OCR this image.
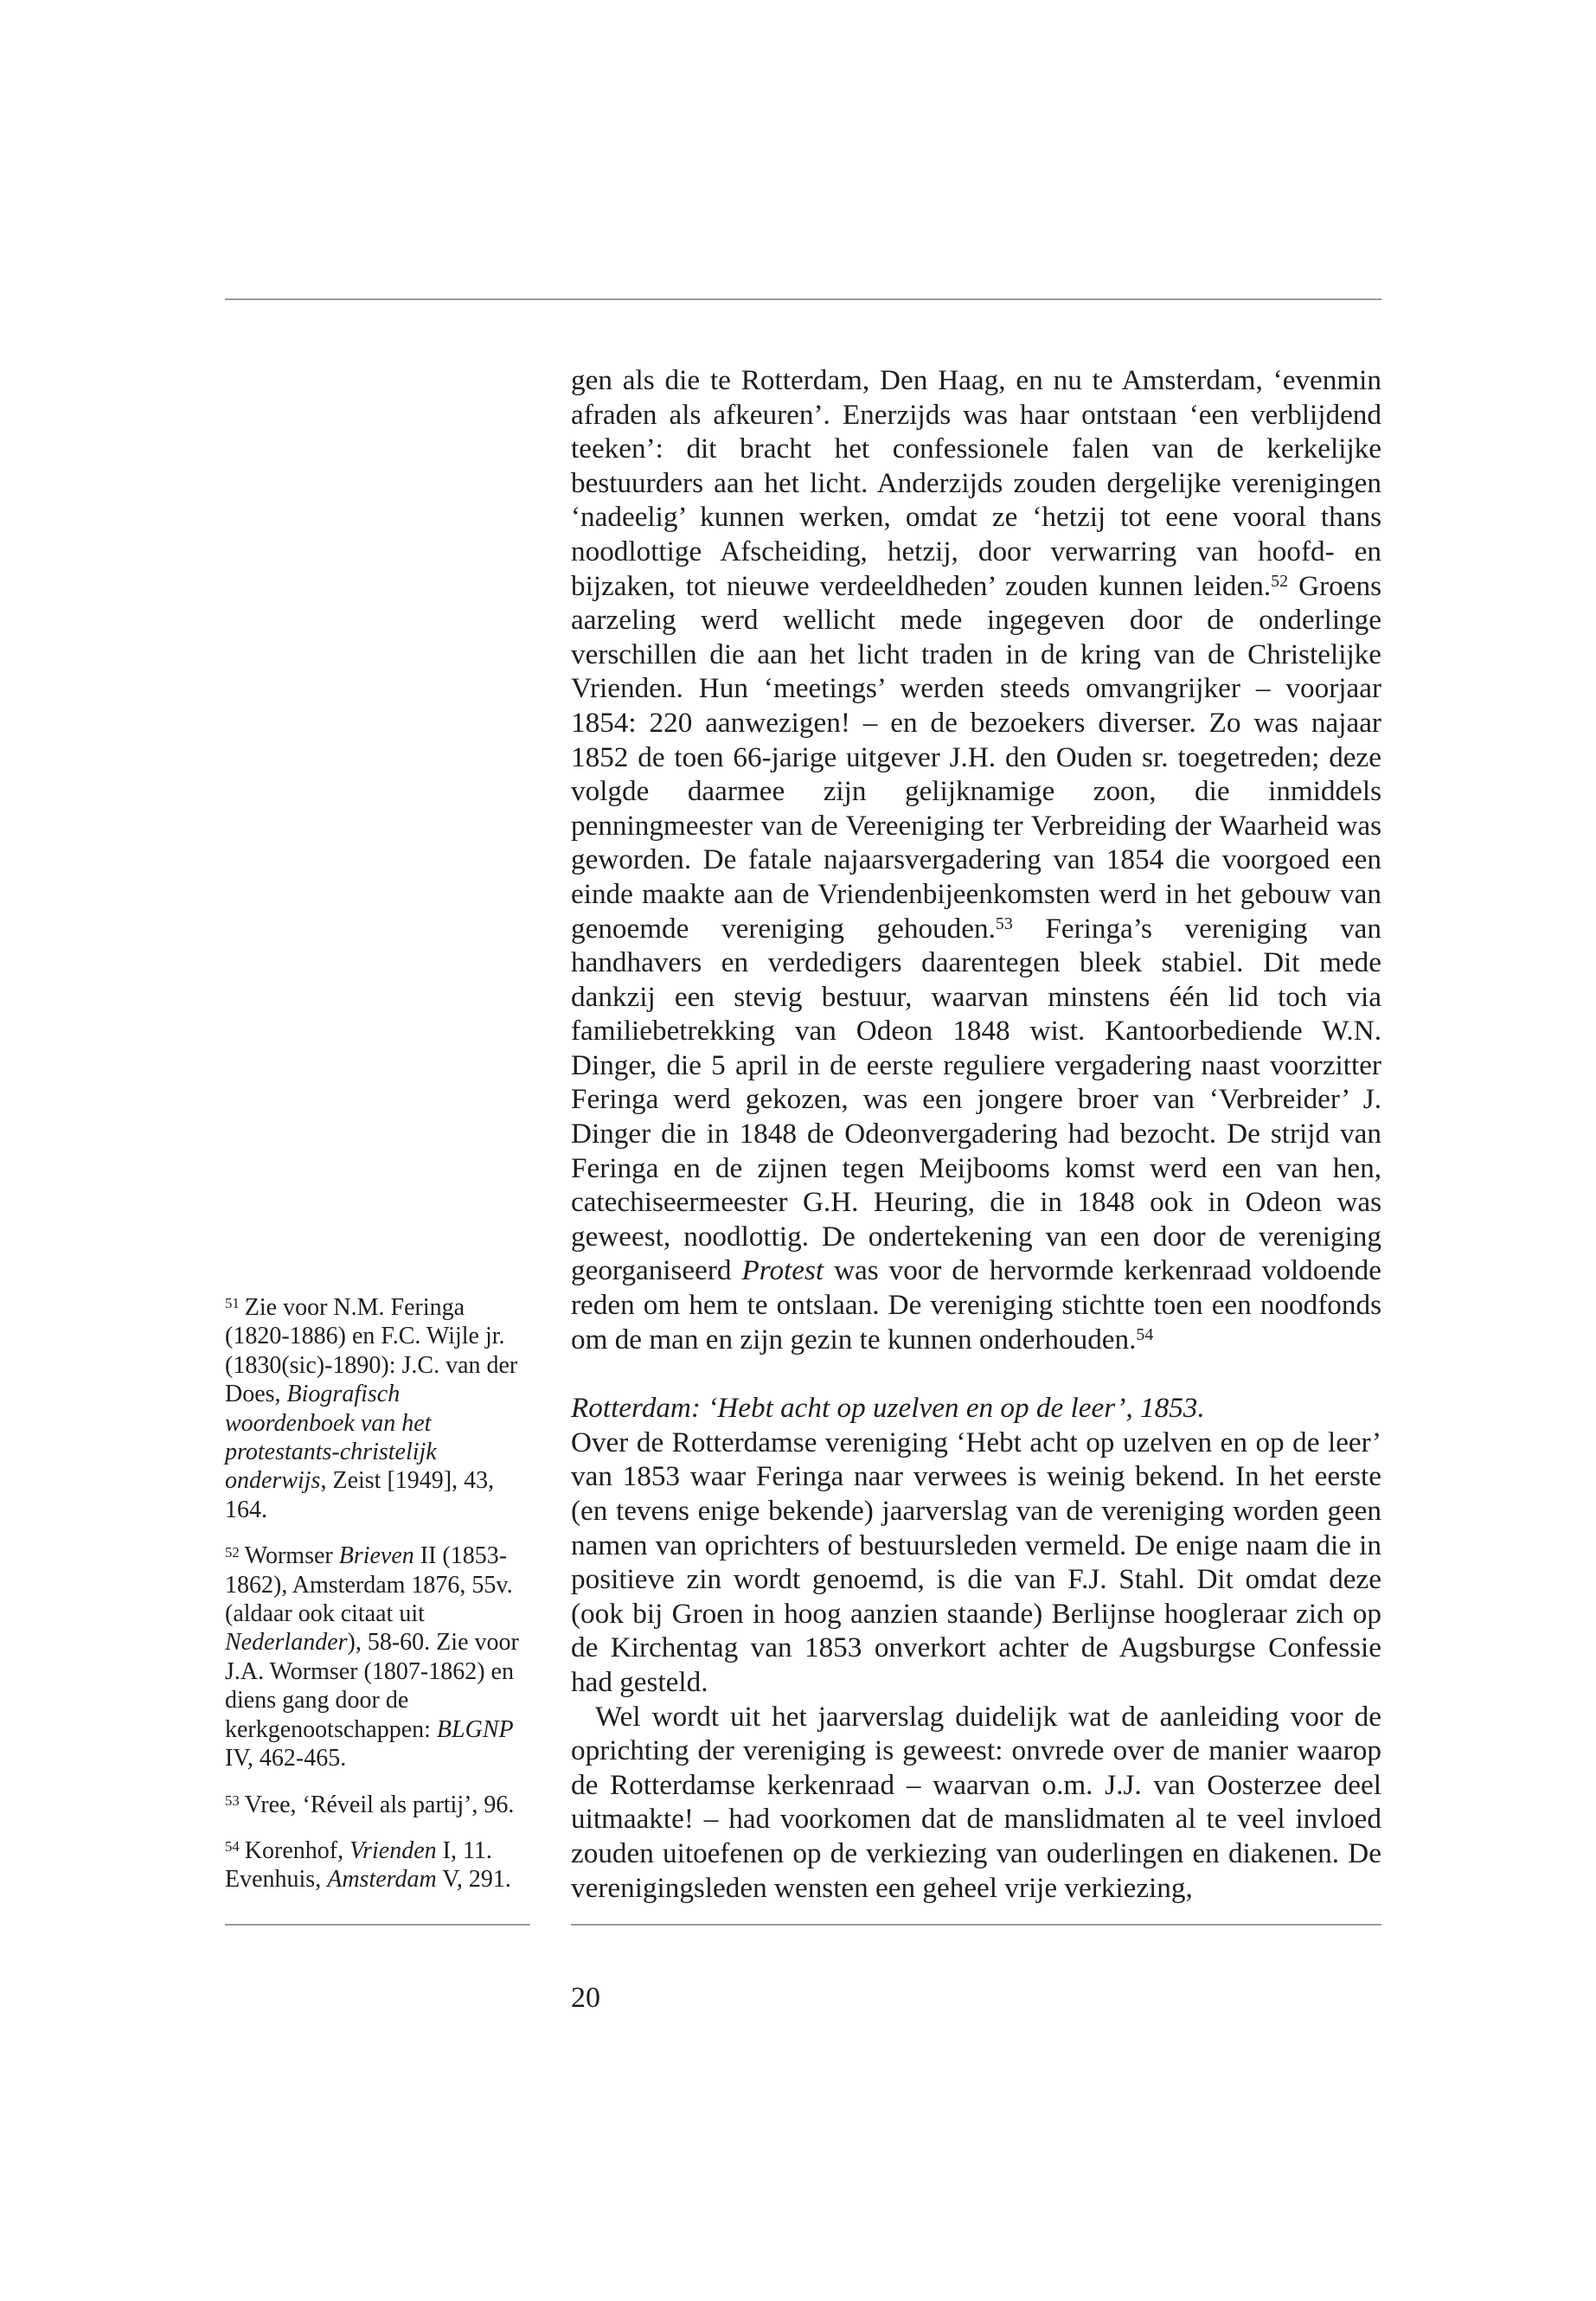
gen als die te Rotterdam, Den Haag, en nu te Amsterdam, ‘evenmin afraden als afkeuren’. Enerzijds was haar ontstaan ‘een verblijdend teeken’: dit bracht het confessionele falen van de kerkelijke bestuurders aan het licht. Anderzijds zouden dergelijke verenigingen ‘nadeelig’ kunnen werken, omdat ze ‘hetzij tot eene vooral thans noodlottige Afscheiding, hetzij, door verwarring van hoofd- en bijzaken, tot nieuwe verdeeldheden’ zouden kunnen leiden.$^{52}$ Groens aarzeling werd wellicht mede ingegeven door de onderlinge verschillen die aan het licht traden in de kring van de Christelijke Vrienden. Hun ‘meetings’ werden steeds omvangrijker – voorjaar 1854: 220 aanwezigen! – en de bezoekers diverser. Zo was najaar 1852 de toen 66-jarige uitgever J.H. den Ouden sr. toegetreden; deze volgde daarmee zijn gelijknamige zoon, die inmiddels penningmeester van de Vereeniging ter Verbreiding der Waarheid was geworden. De fatale najaarsvergadering van 1854 die voorgoed een einde maakte aan de Vriendenbijeenkomsten werd in het gebouw van genoemde vereniging gehouden.$^{53}$ Feringa’s vereniging van handhavers en verdedigers daarentegen bleek stabiel. Dit mede dankzij een stevig bestuur, waarvan minstens één lid toch via familiebetrekking van Odeon 1848 wist. Kantoorbediende W.N. Dinger, die 5 april in de eerste reguliere vergadering naast voorzitter Feringa werd gekozen, was een jongere broer van ‘Verbreider’ J. Dinger die in 1848 de Odeonvergadering had bezocht. De strijd van Feringa en de zijnen tegen Meijbooms komst werd een van hen, catechiseermeester G.H. Heuring, die in 1848 ook in Odeon was geweest, noodlottig. De ondertekening van een door de vereniging georganiseerd Protest was voor de hervormde kerkenraad voldoende reden om hem te ontslaan. De vereniging stichtte toen een noodfonds om de man en zijn gezin te kunnen onderhouden.$^{54}$

Rotterdam: ‘Hebt acht op uzelven en op de leer’, 1853.

Over de Rotterdamse vereniging ‘Hebt acht op uzelven en op de leer’ van 1853 waar Feringa naar verwees is weinig bekend. In het eerste (en tevens enige bekende) jaarverslag van de vereniging worden geen namen van oprichters of bestuursleden vermeld. De enige naam die in positieve zin wordt genoemd, is die van F.J. Stahl. Dit omdat deze (ook bij Groen in hoog aanzien staande) Berlijnse hoogleraar zich op de Kirchentag van 1853 onverkort achter de Augsburgse Confessie had gesteld.

Wel wordt uit het jaarverslag duidelijk wat de aanleiding voor de oprichting der vereniging is geweest: onvrede over de manier waarop de Rotterdamse kerkenraad – waarvan o.m. J.J. van Oosterzee deel uitmaakte! – had voorkomen dat de manslidmaten al te veel invloed zouden uitoefenen op de verkiezing van ouderlingen en diakenen. De verenigingsleden wensten een geheel vrije verkiezing,

$^{51}$ Zie voor N.M. Feringa (1820-1886) en F.C. Wijle jr. (1830(sic)-1890): J.C. van der Does, Biografisch woordenboek van het protestants-christelijk onderwijs, Zeist [1949], 43, 164.

$^{52}$ Wormser Brieven II (1853-1862), Amsterdam 1876, 55v. (aldaar ook citaat uit Nederlander), 58-60. Zie voor J.A. Wormser (1807-1862) en diens gang door de kerkgenootschappen: BLGNP IV, 462-465.

$^{53}$ Vree, ‘Réveil als partij’, 96.

$^{54}$ Korenhof, Vrienden I, 11. Evenhuis, Amsterdam V, 291.

20
